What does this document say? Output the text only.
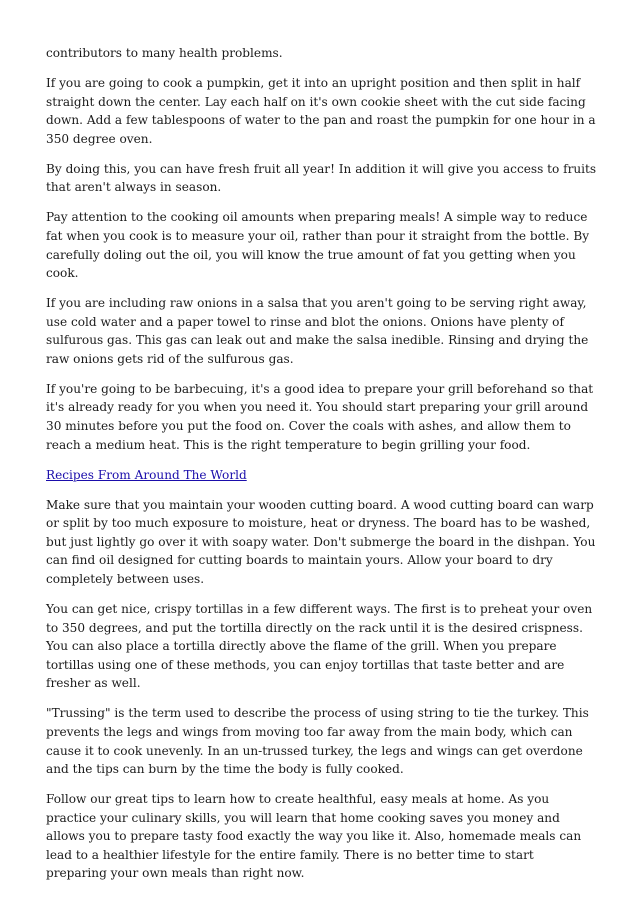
contributors to many health problems.

If you are going to cook a pumpkin, get it into an upright position and then split in half straight down the center. Lay each half on it's own cookie sheet with the cut side facing down. Add a few tablespoons of water to the pan and roast the pumpkin for one hour in a 350 degree oven.

By doing this, you can have fresh fruit all year! In addition it will give you access to fruits that aren't always in season.

Pay attention to the cooking oil amounts when preparing meals! A simple way to reduce fat when you cook is to measure your oil, rather than pour it straight from the bottle. By carefully doling out the oil, you will know the true amount of fat you getting when you cook.

If you are including raw onions in a salsa that you aren't going to be serving right away, use cold water and a paper towel to rinse and blot the onions. Onions have plenty of sulfurous gas. This gas can leak out and make the salsa inedible. Rinsing and drying the raw onions gets rid of the sulfurous gas.

If you're going to be barbecuing, it's a good idea to prepare your grill beforehand so that it's already ready for you when you need it. You should start preparing your grill around 30 minutes before you put the food on. Cover the coals with ashes, and allow them to reach a medium heat. This is the right temperature to begin grilling your food.

Recipes From Around The World

Make sure that you maintain your wooden cutting board. A wood cutting board can warp or split by too much exposure to moisture, heat or dryness. The board has to be washed, but just lightly go over it with soapy water. Don't submerge the board in the dishpan. You can find oil designed for cutting boards to maintain yours. Allow your board to dry completely between uses.

You can get nice, crispy tortillas in a few different ways. The first is to preheat your oven to 350 degrees, and put the tortilla directly on the rack until it is the desired crispness. You can also place a tortilla directly above the flame of the grill. When you prepare tortillas using one of these methods, you can enjoy tortillas that taste better and are fresher as well.

"Trussing" is the term used to describe the process of using string to tie the turkey. This prevents the legs and wings from moving too far away from the main body, which can cause it to cook unevenly. In an un-trussed turkey, the legs and wings can get overdone and the tips can burn by the time the body is fully cooked.

Follow our great tips to learn how to create healthful, easy meals at home. As you practice your culinary skills, you will learn that home cooking saves you money and allows you to prepare tasty food exactly the way you like it. Also, homemade meals can lead to a healthier lifestyle for the entire family. There is no better time to start preparing your own meals than right now.
